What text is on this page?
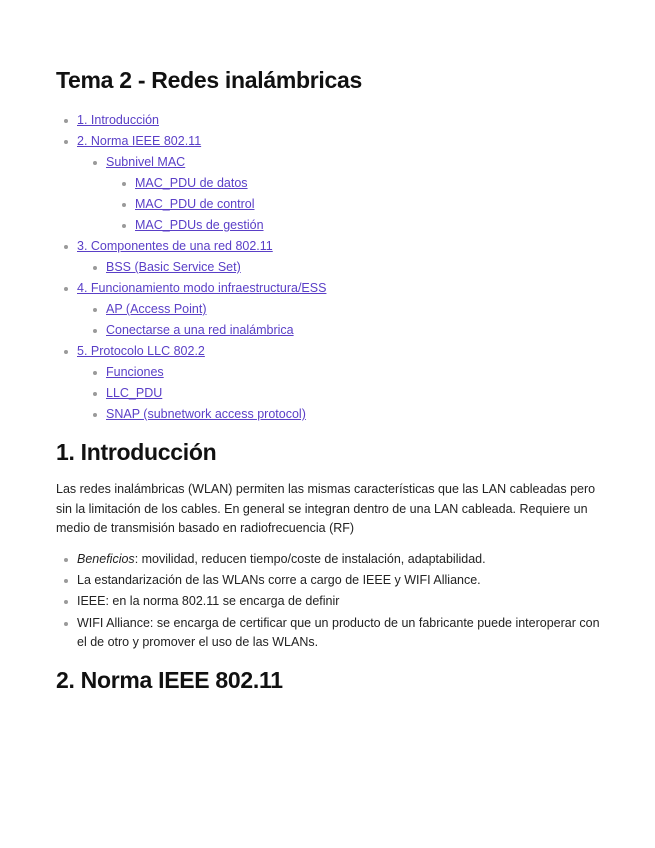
Tema 2 - Redes inalámbricas
1. Introducción
2. Norma IEEE 802.11
Subnivel MAC
MAC_PDU de datos
MAC_PDU de control
MAC_PDUs de gestión
3. Componentes de una red 802.11
BSS (Basic Service Set)
4. Funcionamiento modo infraestructura/ESS
AP (Access Point)
Conectarse a una red inalámbrica
5. Protocolo LLC 802.2
Funciones
LLC_PDU
SNAP (subnetwork access protocol)
1. Introducción

Las redes inalámbricas (WLAN) permiten las mismas características que las LAN cableadas pero sin la limitación de los cables. En general se integran dentro de una LAN cableada. Requiere un medio de transmisión basado en radiofrecuencia (RF)

Beneficios: movilidad, reducen tiempo/coste de instalación, adaptabilidad.
La estandarización de las WLANs corre a cargo de IEEE y WIFI Alliance.
IEEE: en la norma 802.11 se encarga de definir
WIFI Alliance: se encarga de certificar que un producto de un fabricante puede interoperar con el de otro y promover el uso de las WLANs.
2. Norma IEEE 802.11
